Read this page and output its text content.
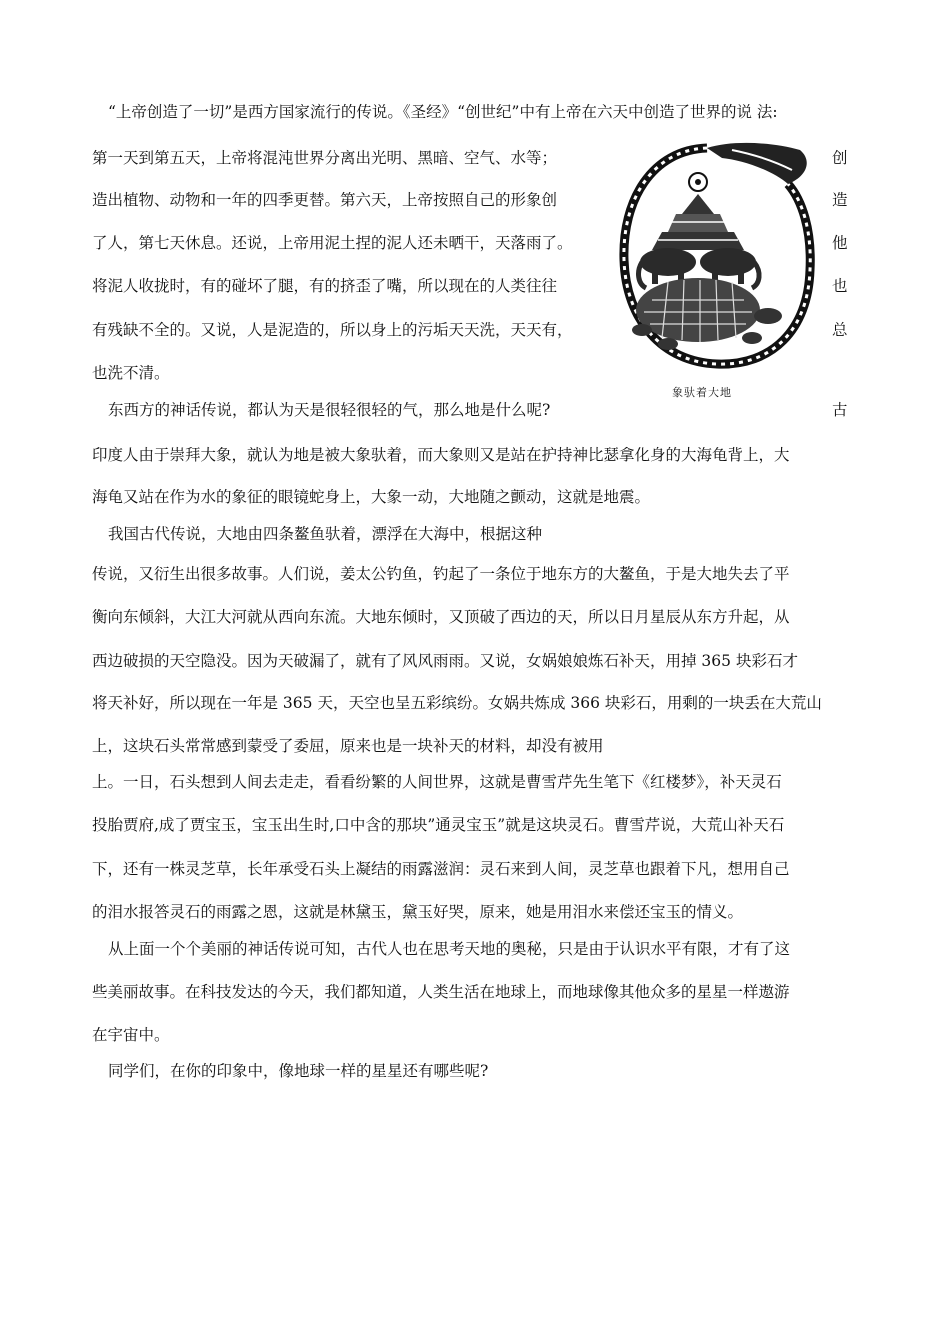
“上帝创造了一切”是西方国家流行的传说。《圣经》“创世纪”中有上帝在六天中创造了世界的说 法:
第一天到第五天，上帝将混沌世界分离出光明、黑暗、空气、水等；
造出植物、动物和一年的四季更替。第六天，上帝按照自己的形象创
了人，第七天休息。还说，上帝用泥土捏的泥人还未晒干，天落雨了。
将泥人收拢时，有的碰坏了腿，有的挤歪了嘴，所以现在的人类往往
有残缺不全的。又说，人是泥造的，所以身上的污垢天天洗，天天有，
也洗不清。
东西方的神话传说，都认为天是很轻很轻的气，那么地是什么呢?
印度人由于崇拜大象，就认为地是被大象驮着，而大象则又是站在护持神比瑟拿化身的大海龟背上，大
海龟又站在作为水的象征的眼镜蛇身上，大象一动，大地随之颤动，这就是地震。
我国古代传说，大地由四条鳌鱼驮着，漂浮在大海中，根据这种
传说，又衍生出很多故事。人们说，姜太公钓鱼，钓起了一条位于地东方的大鳌鱼，于是大地失去了平
衡向东倾斜，大江大河就从西向东流。大地东倾时，又顶破了西边的天，所以日月星辰从东方升起，从
西边破损的天空隐没。因为天破漏了，就有了风风雨雨。又说，女娲娘娘炼石补天，用掉 365 块彩石才
将天补好，所以现在一年是 365 天，天空也呈五彩缤纷。女娲共炼成 366 块彩石，用剩的一块丢在大荒山
上，这块石头常常感到蒙受了委屈，原来也是一块补天的材料，却没有被用
上。一日，石头想到人间去走走，看看纷繁的人间世界，这就是曹雪芹先生笔下《红楼梦》，补天灵石
投胎贾府,成了贾宝玉，宝玉出生时,口中含的那块”通灵宝玉”就是这块灵石。曹雪芹说，大荒山补天石
下，还有一株灵芝草，长年承受石头上凝结的雨露滋润：灵石来到人间，灵芝草也跟着下凡，想用自己
的泪水报答灵石的雨露之恩，这就是林黛玉，黛玉好哭，原来，她是用泪水来偿还宝玉的情义。
从上面一个个美丽的神话传说可知，古代人也在思考天地的奥秘，只是由于认识水平有限，才有了这
些美丽故事。在科技发达的今天，我们都知道，人类生活在地球上，而地球像其他众多的星星一样遨游
在宇宙中。
同学们，在你的印象中，像地球一样的星星还有哪些呢?
创
造
他
也
总
古
象驮着大地
